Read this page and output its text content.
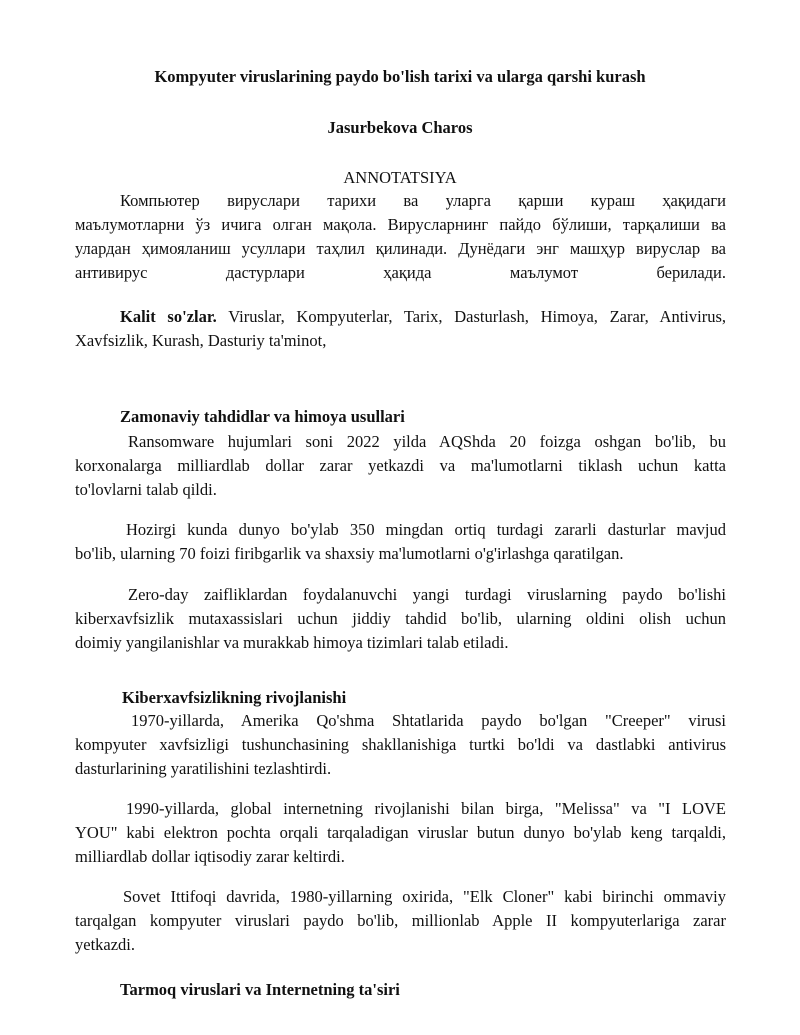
Kompyuter viruslarining paydo bo'lish tarixi va ularga qarshi kurash
Jasurbekova Charos
ANNOTATSIYA
Компьютер вируслари тарихи ва уларга қарши кураш ҳақидаги
маълумотларни ўз ичига олган мақола. Вирусларнинг пайдо бўлиши, тарқалиши ва
улардан ҳимояланиш усуллари таҳлил қилинади. Дунёдаги энг машҳур вируслар ва
антивирус дастурлари ҳақида маълумот берилади.
Kalit so'zlar. Viruslar, Kompyuterlar, Tarix, Dasturlash, Himoya, Zarar, Antivirus,
Xavfsizlik, Kurash, Dasturiy ta'minot,
Zamonaviy tahdidlar va himoya usullari
Ransomware hujumlari soni 2022 yilda AQShda 20 foizga oshgan bo'lib, bu
korxonalarga milliardlab dollar zarar yetkazdi va ma'lumotlarni tiklash uchun katta
to'lovlarni talab qildi.
Hozirgi kunda dunyo bo'ylab 350 mingdan ortiq turdagi zararli dasturlar mavjud
bo'lib, ularning 70 foizi firibgarlik va shaxsiy ma'lumotlarni o'g'irlashga qaratilgan.
Zero-day zaifliklardan foydalanuvchi yangi turdagi viruslarning paydo bo'lishi
kiberxavfsizlik mutaxassislari uchun jiddiy tahdid bo'lib, ularning oldini olish uchun
doimiy yangilanishlar va murakkab himoya tizimlari talab etiladi.
Kiberxavfsizlikning rivojlanishi
1970-yillarda, Amerika Qo'shma Shtatlarida paydo bo'lgan "Creeper" virusi
kompyuter xavfsizligi tushunchasining shakllanishiga turtki bo'ldi va dastlabki antivirus
dasturlarining yaratilishini tezlashtirdi.
1990-yillarda, global internetning rivojlanishi bilan birga, "Melissa" va "I LOVE
YOU" kabi elektron pochta orqali tarqaladigan viruslar butun dunyo bo'ylab keng tarqaldi,
milliardlab dollar iqtisodiy zarar keltirdi.
Sovet Ittifoqi davrida, 1980-yillarning oxirida, "Elk Cloner" kabi birinchi ommaviy
tarqalgan kompyuter viruslari paydo bo'lib, millionlab Apple II kompyuterlariga zarar
yetkazdi.
Tarmoq viruslari va Internetning ta'siri
